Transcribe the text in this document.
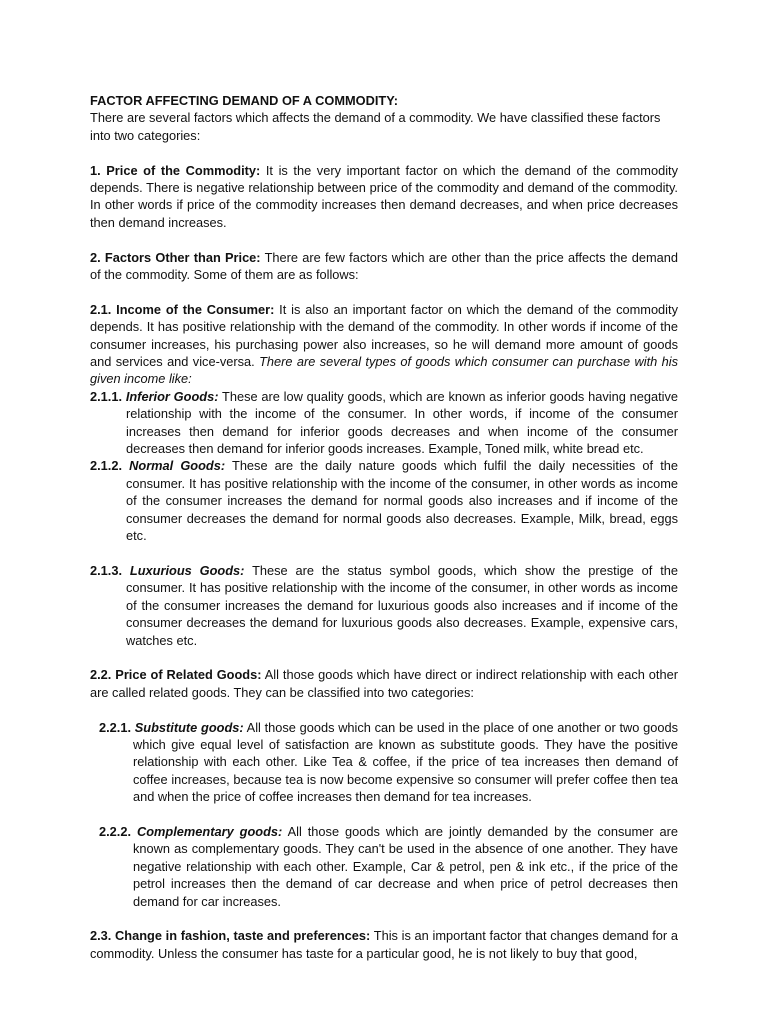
FACTOR AFFECTING DEMAND OF A COMMODITY:

There are several factors which affects the demand of a commodity. We have classified these factors into two categories:

1. Price of the Commodity: It is the very important factor on which the demand of the commodity depends. There is negative relationship between price of the commodity and demand of the commodity. In other words if price of the commodity increases then demand decreases, and when price decreases then demand increases.

2. Factors Other than Price: There are few factors which are other than the price affects the demand of the commodity. Some of them are as follows:

2.1. Income of the Consumer: It is also an important factor on which the demand of the commodity depends. It has positive relationship with the demand of the commodity. In other words if income of the consumer increases, his purchasing power also increases, so he will demand more amount of goods and services and vice-versa. There are several types of goods which consumer can purchase with his given income like:

2.1.1. Inferior Goods: These are low quality goods, which are known as inferior goods having negative relationship with the income of the consumer. In other words, if income of the consumer increases then demand for inferior goods decreases and when income of the consumer decreases then demand for inferior goods increases. Example, Toned milk, white bread etc.

2.1.2. Normal Goods: These are the daily nature goods which fulfil the daily necessities of the consumer. It has positive relationship with the income of the consumer, in other words as income of the consumer increases the demand for normal goods also increases and if income of the consumer decreases the demand for normal goods also decreases. Example, Milk, bread, eggs etc.

2.1.3. Luxurious Goods: These are the status symbol goods, which show the prestige of the consumer. It has positive relationship with the income of the consumer, in other words as income of the consumer increases the demand for luxurious goods also increases and if income of the consumer decreases the demand for luxurious goods also decreases. Example, expensive cars, watches etc.

2.2. Price of Related Goods: All those goods which have direct or indirect relationship with each other are called related goods. They can be classified into two categories:

2.2.1. Substitute goods: All those goods which can be used in the place of one another or two goods which give equal level of satisfaction are known as substitute goods. They have the positive relationship with each other. Like Tea & coffee, if the price of tea increases then demand of coffee increases, because tea is now become expensive so consumer will prefer coffee then tea and when the price of coffee increases then demand for tea increases.

2.2.2. Complementary goods: All those goods which are jointly demanded by the consumer are known as complementary goods. They can't be used in the absence of one another. They have negative relationship with each other. Example, Car & petrol, pen & ink etc., if the price of the petrol increases then the demand of car decrease and when price of petrol decreases then demand for car increases.

2.3. Change in fashion, taste and preferences: This is an important factor that changes demand for a commodity. Unless the consumer has taste for a particular good, he is not likely to buy that good,
